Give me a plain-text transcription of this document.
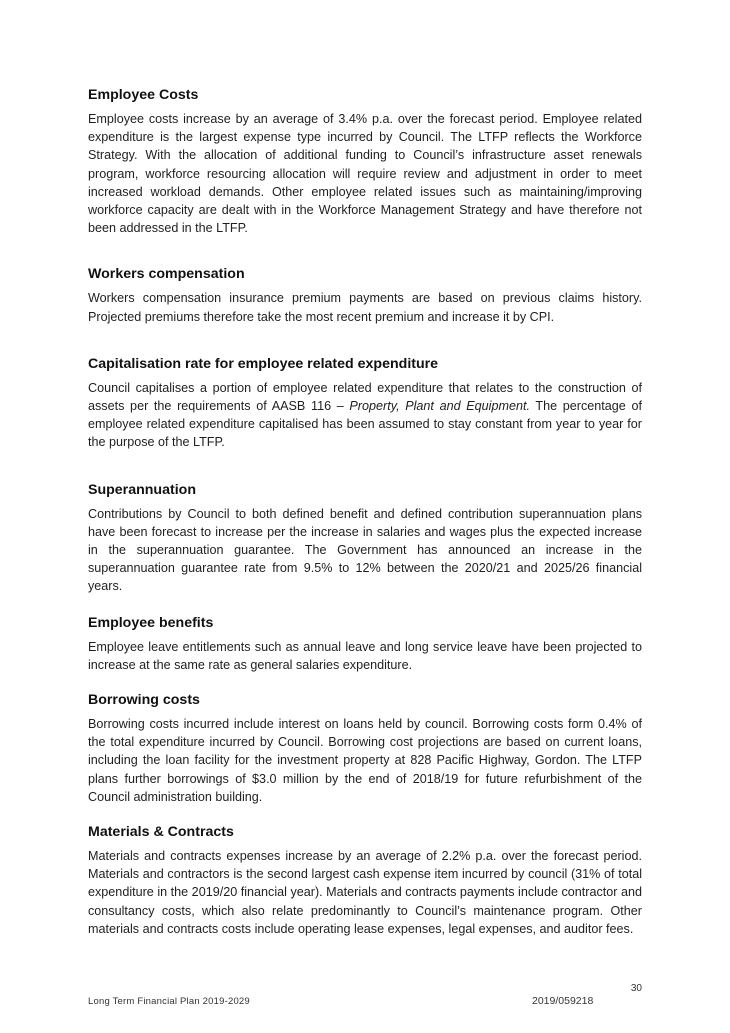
Employee Costs

Employee costs increase by an average of 3.4% p.a. over the forecast period. Employee related expenditure is the largest expense type incurred by Council. The LTFP reflects the Workforce Strategy. With the allocation of additional funding to Council’s infrastructure asset renewals program, workforce resourcing allocation will require review and adjustment in order to meet increased workload demands. Other employee related issues such as maintaining/improving workforce capacity are dealt with in the Workforce Management Strategy and have therefore not been addressed in the LTFP.

Workers compensation

Workers compensation insurance premium payments are based on previous claims history. Projected premiums therefore take the most recent premium and increase it by CPI.

Capitalisation rate for employee related expenditure

Council capitalises a portion of employee related expenditure that relates to the construction of assets per the requirements of AASB 116 – Property, Plant and Equipment. The percentage of employee related expenditure capitalised has been assumed to stay constant from year to year for the purpose of the LTFP.

Superannuation

Contributions by Council to both defined benefit and defined contribution superannuation plans have been forecast to increase per the increase in salaries and wages plus the expected increase in the superannuation guarantee. The Government has announced an increase in the superannuation guarantee rate from 9.5% to 12% between the 2020/21 and 2025/26 financial years.

Employee benefits

Employee leave entitlements such as annual leave and long service leave have been projected to increase at the same rate as general salaries expenditure.

Borrowing costs

Borrowing costs incurred include interest on loans held by council. Borrowing costs form 0.4% of the total expenditure incurred by Council. Borrowing cost projections are based on current loans, including the loan facility for the investment property at 828 Pacific Highway, Gordon. The LTFP plans further borrowings of $3.0 million by the end of 2018/19 for future refurbishment of the Council administration building.

Materials & Contracts

Materials and contracts expenses increase by an average of 2.2% p.a. over the forecast period. Materials and contractors is the second largest cash expense item incurred by council (31% of total expenditure in the 2019/20 financial year). Materials and contracts payments include contractor and consultancy costs, which also relate predominantly to Council’s maintenance program. Other materials and contracts costs include operating lease expenses, legal expenses, and auditor fees.

30
Long Term Financial Plan 2019-2029	2019/059218
